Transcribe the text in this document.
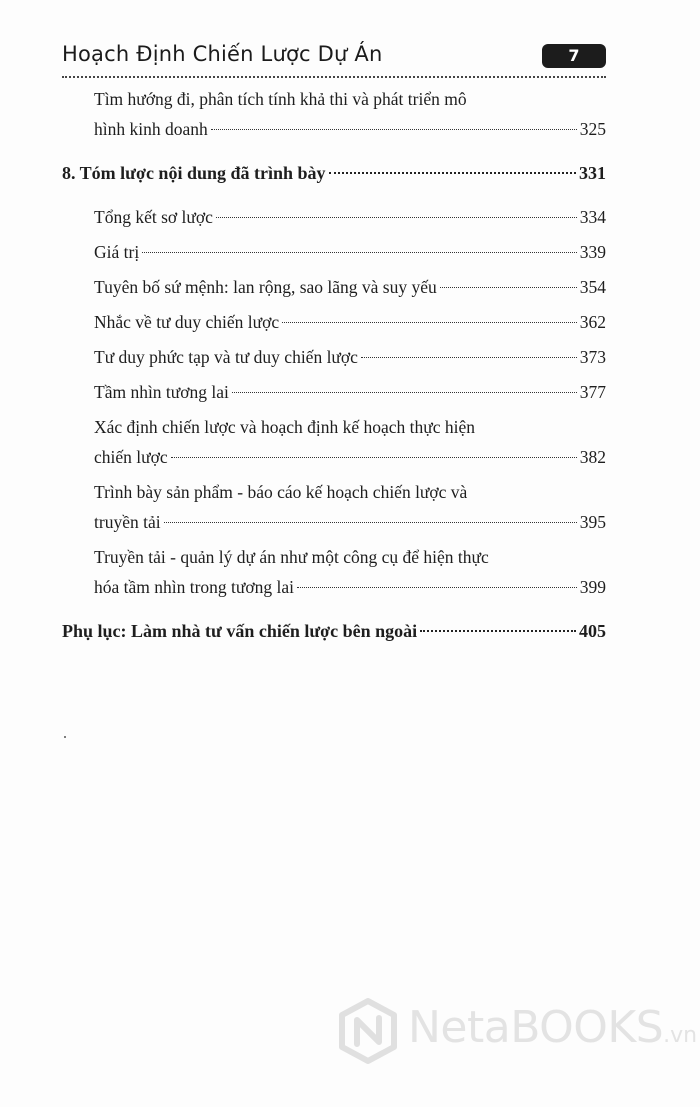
Hoạch Định Chiến Lược Dự Án	7
Tìm hướng đi, phân tích tính khả thi và phát triển mô
hình kinh doanh	325
8. Tóm lược nội dung đã trình bày	331
Tổng kết sơ lược	334
Giá trị	339
Tuyên bố sứ mệnh: lan rộng, sao lãng và suy yếu	354
Nhắc về tư duy chiến lược	362
Tư duy phức tạp và tư duy chiến lược	373
Tầm nhìn tương lai	377
Xác định chiến lược và hoạch định kế hoạch thực hiện
chiến lược	382
Trình bày sản phẩm - báo cáo kế hoạch chiến lược và
truyền tải	395
Truyền tải - quản lý dự án như một công cụ để hiện thực
hóa tầm nhìn trong tương lai	399
Phụ lục: Làm nhà tư vấn chiến lược bên ngoài	405
NetaBOOKS.vn
